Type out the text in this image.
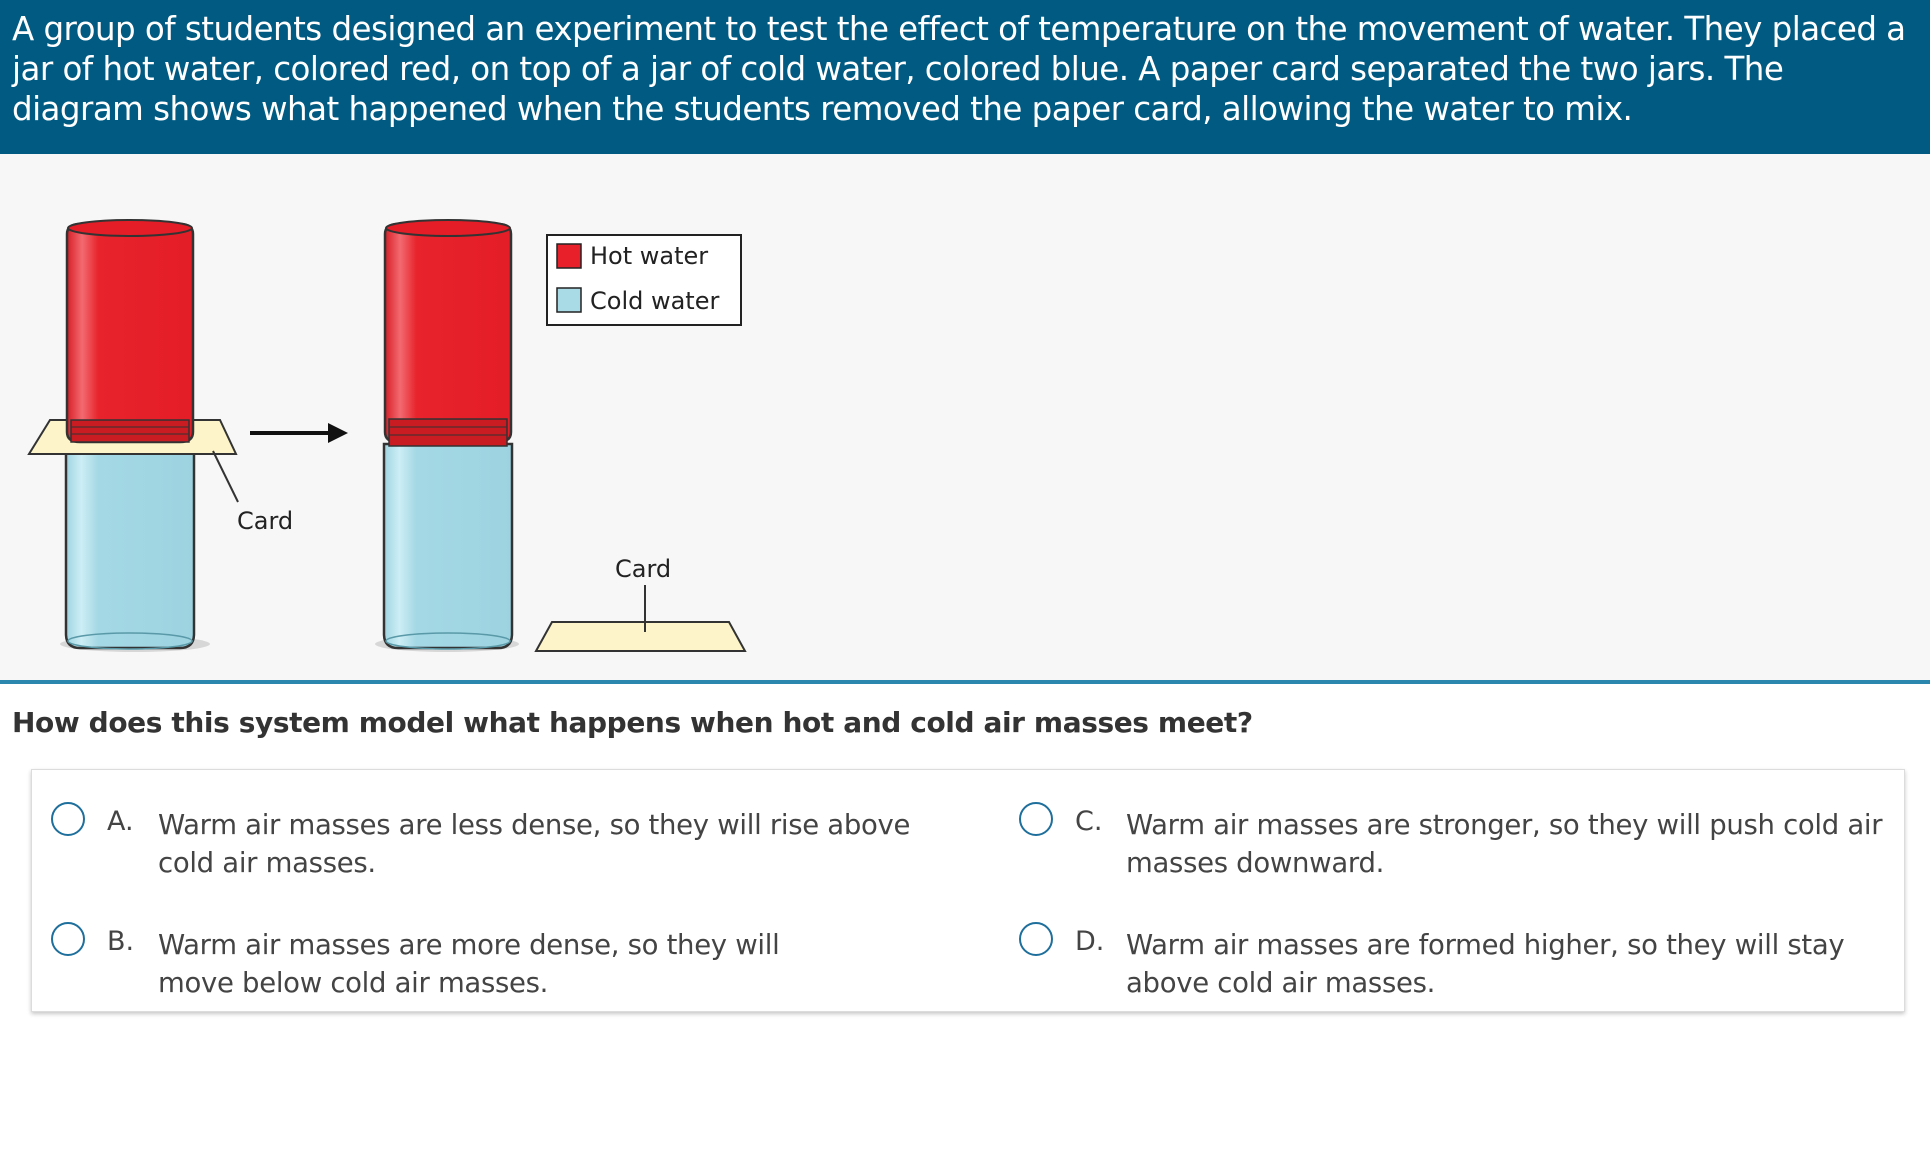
A group of students designed an experiment to test the effect of temperature on the movement of water. They placed a jar of hot water, colored red, on top of a jar of cold water, colored blue. A paper card separated the two jars. The diagram shows what happened when the students removed the paper card, allowing the water to mix.

Card
Card
Hot water
Cold water

How does this system model what happens when hot and cold air masses meet?

A. Warm air masses are less dense, so they will rise above cold air masses.

B. Warm air masses are more dense, so they will move below cold air masses.

C. Warm air masses are stronger, so they will push cold air masses downward.

D. Warm air masses are formed higher, so they will stay above cold air masses.
